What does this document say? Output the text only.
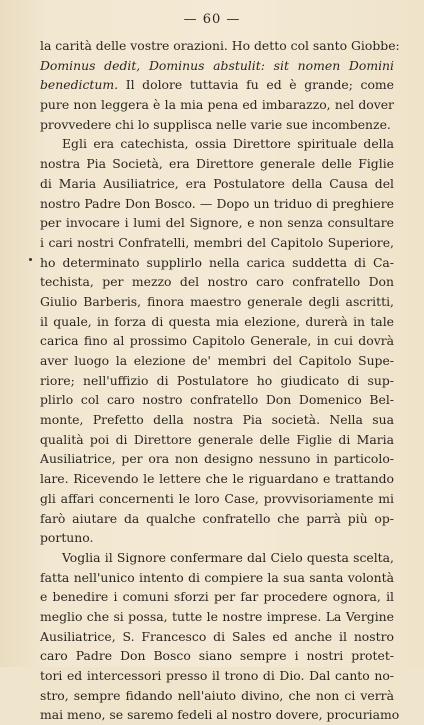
— 60 —
la carità delle vostre orazioni. Ho detto col santo Giobbe:
Dominus dedit, Dominus abstulit: sit nomen Domini
benedictum. Il dolore tuttavia fu ed è grande; come
pure non leggera è la mia pena ed imbarazzo, nel dover
provvedere chi lo supplisca nelle varie sue incombenze.
Egli era catechista, ossia Direttore spirituale della
nostra Pia Società, era Direttore generale delle Figlie
di Maria Ausiliatrice, era Postulatore della Causa del
nostro Padre Don Bosco. — Dopo un triduo di preghiere
per invocare i lumi del Signore, e non senza consultare
i cari nostri Confratelli, membri del Capitolo Superiore,
ho determinato supplirlo nella carica suddetta di Ca-
techista, per mezzo del nostro caro confratello Don
Giulio Barberis, finora maestro generale degli ascritti,
il quale, in forza di questa mia elezione, durerà in tale
carica fino al prossimo Capitolo Generale, in cui dovrà
aver luogo la elezione de' membri del Capitolo Supe-
riore; nell'uffizio di Postulatore ho giudicato di sup-
plirlo col caro nostro confratello Don Domenico Bel-
monte, Prefetto della nostra Pia società. Nella sua
qualità poi di Direttore generale delle Figlie di Maria
Ausiliatrice, per ora non designo nessuno in particolo-
lare. Ricevendo le lettere che le riguardano e trattando
gli affari concernenti le loro Case, provvisoriamente mi
farò aiutare da qualche confratello che parrà più op-
portuno.
Voglia il Signore confermare dal Cielo questa scelta,
fatta nell'unico intento di compiere la sua santa volontà
e benedire i comuni sforzi per far procedere ognora, il
meglio che si possa, tutte le nostre imprese. La Vergine
Ausiliatrice, S. Francesco di Sales ed anche il nostro
caro Padre Don Bosco siano sempre i nostri protet-
tori ed intercessori presso il trono di Dio. Dal canto no-
stro, sempre fidando nell'aiuto divino, che non ci verrà
mai meno, se saremo fedeli al nostro dovere, procuriamo
